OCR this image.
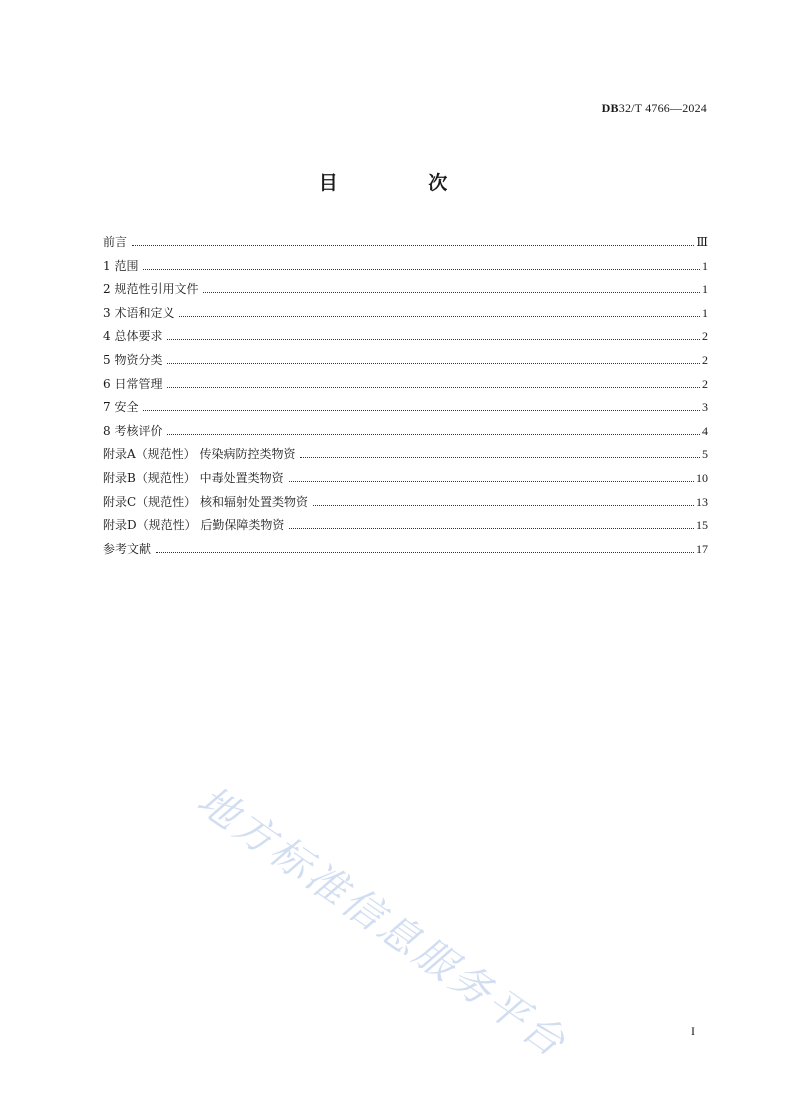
DB32/T 4766—2024
目 次
前言	Ⅲ
1 范围	1
2 规范性引用文件	1
3 术语和定义	1
4 总体要求	2
5 物资分类	2
6 日常管理	2
7 安全	3
8 考核评价	4
附录A（规范性） 传染病防控类物资	5
附录B（规范性） 中毒处置类物资	10
附录C（规范性） 核和辐射处置类物资	13
附录D（规范性） 后勤保障类物资	15
参考文献	17
地方标准信息服务平台	I
